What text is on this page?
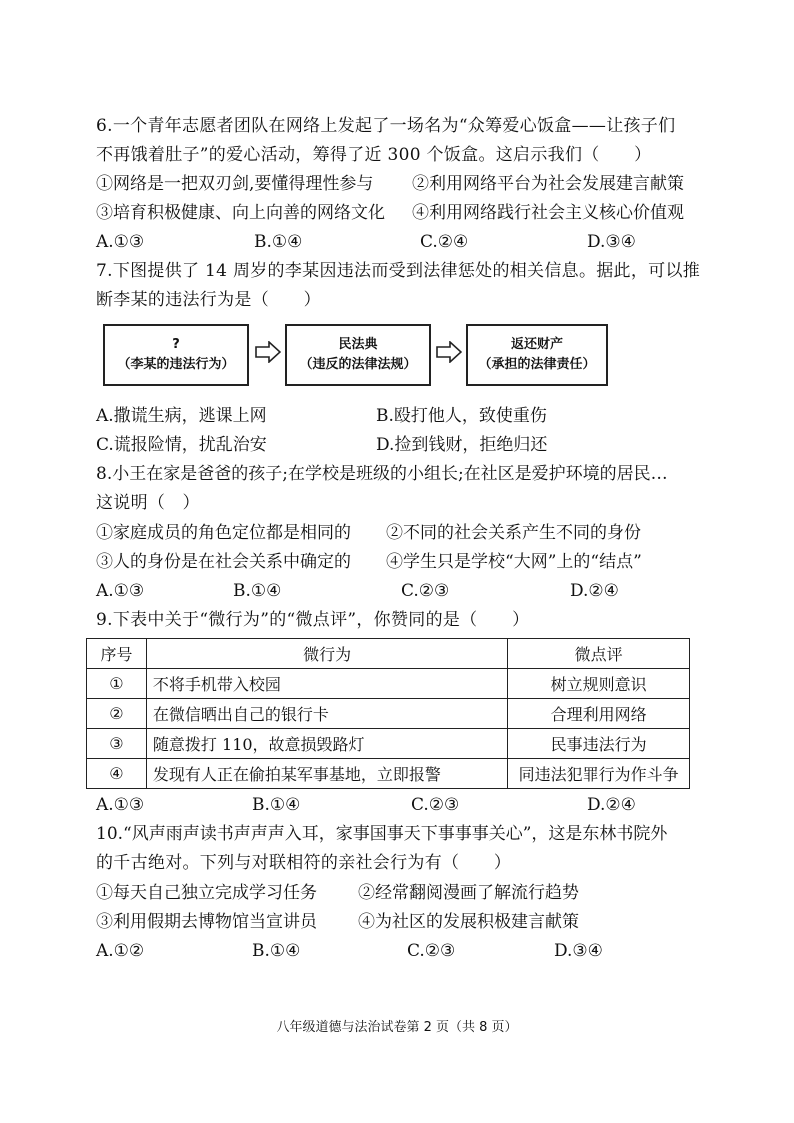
6.一个青年志愿者团队在网络上发起了一场名为“众筹爱心饭盒——让孩子们
不再饿着肚子”的爱心活动，筹得了近 300 个饭盒。这启示我们（　　）
①网络是一把双刃剑,要懂得理性参与 ②利用网络平台为社会发展建言献策
③培育积极健康、向上向善的网络文化 ④利用网络践行社会主义核心价值观
A.①③	B.①④	C.②④	D.③④
7.下图提供了 14 周岁的李某因违法而受到法律惩处的相关信息。据此，可以推
断李某的违法行为是（　　）
?
（李某的违法行为）
民法典
（违反的法律法规）
返还财产
（承担的法律责任）
A.撒谎生病，逃课上网	B.殴打他人，致使重伤
C.谎报险情，扰乱治安	D.捡到钱财，拒绝归还
8.小王在家是爸爸的孩子;在学校是班级的小组长;在社区是爱护环境的居民…
这说明（　）
①家庭成员的角色定位都是相同的 ②不同的社会关系产生不同的身份
③人的身份是在社会关系中确定的 ④学生只是学校“大网”上的“结点”
A.①③	B.①④	C.②③	D.②④
9.下表中关于“微行为”的“微点评”，你赞同的是（　　）
序号	微行为	微点评
①	不将手机带入校园	树立规则意识
②	在微信晒出自己的银行卡	合理利用网络
③	随意拨打 110，故意损毁路灯	民事违法行为
④	发现有人正在偷拍某军事基地，立即报警	同违法犯罪行为作斗争
A.①③	B.①④	C.②③	D.②④
10.“风声雨声读书声声声入耳，家事国事天下事事事关心”，这是东林书院外
的千古绝对。下列与对联相符的亲社会行为有（　　）
①每天自己独立完成学习任务 ②经常翻阅漫画了解流行趋势
③利用假期去博物馆当宣讲员 ④为社区的发展积极建言献策
A.①②	B.①④	C.②③	D.③④
八年级道德与法治试卷第 2 页（共 8 页）
